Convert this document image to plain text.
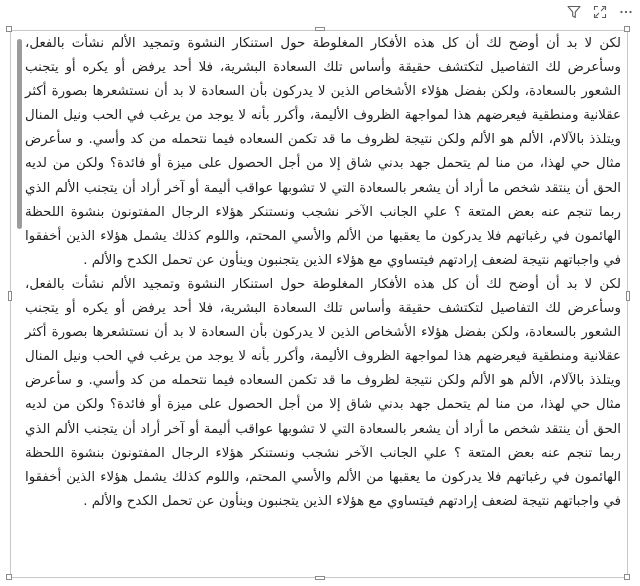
لكن لا بد أن أوضح لك أن كل هذه الأفكار المغلوطة حول استنكار النشوة وتمجيد الألم نشأت بالفعل، وسأعرض لك التفاصيل لتكتشف حقيقة وأساس تلك السعادة البشرية، فلا أحد يرفض أو يكره أو يتجنب الشعور بالسعادة، ولكن بفضل هؤلاء الأشخاص الذين لا يدركون بأن السعادة لا بد أن نستشعرها بصورة أكثر عقلانية ومنطقية فيعرضهم هذا لمواجهة الظروف الأليمة، وأكرر بأنه لا يوجد من يرغب في الحب ونيل المنال ويتلذذ بالآلام، الألم هو الألم ولكن نتيجة لظروف ما قد تكمن السعاده فيما نتحمله من كد وأسي. و سأعرض مثال حي لهذا، من منا لم يتحمل جهد بدني شاق إلا من أجل الحصول على ميزة أو فائدة؟ ولكن من لديه الحق أن ينتقد شخص ما أراد أن يشعر بالسعادة التي لا تشوبها عواقب أليمة أو آخر أراد أن يتجنب الألم الذي ربما تنجم عنه بعض المتعة ؟ علي الجانب الآخر نشجب ونستنكر هؤلاء الرجال المفتونون بنشوة اللحظة الهائمون في رغباتهم فلا يدركون ما يعقبها من الألم والأسي المحتم، واللوم كذلك يشمل هؤلاء الذين أخفقوا في واجباتهم نتيجة لضعف إرادتهم فيتساوي مع هؤلاء الذين يتجنبون وينأون عن تحمل الكدح والألم .

لكن لا بد أن أوضح لك أن كل هذه الأفكار المغلوطة حول استنكار النشوة وتمجيد الألم نشأت بالفعل، وسأعرض لك التفاصيل لتكتشف حقيقة وأساس تلك السعادة البشرية، فلا أحد يرفض أو يكره أو يتجنب الشعور بالسعادة، ولكن بفضل هؤلاء الأشخاص الذين لا يدركون بأن السعادة لا بد أن نستشعرها بصورة أكثر عقلانية ومنطقية فيعرضهم هذا لمواجهة الظروف الأليمة، وأكرر بأنه لا يوجد من يرغب في الحب ونيل المنال ويتلذذ بالآلام، الألم هو الألم ولكن نتيجة لظروف ما قد تكمن السعاده فيما نتحمله من كد وأسي. و سأعرض مثال حي لهذا، من منا لم يتحمل جهد بدني شاق إلا من أجل الحصول على ميزة أو فائدة؟ ولكن من لديه الحق أن ينتقد شخص ما أراد أن يشعر بالسعادة التي لا تشوبها عواقب أليمة أو آخر أراد أن يتجنب الألم الذي ربما تنجم عنه بعض المتعة ؟ علي الجانب الآخر نشجب ونستنكر هؤلاء الرجال المفتونون بنشوة اللحظة الهائمون في رغباتهم فلا يدركون ما يعقبها من الألم والأسي المحتم، واللوم كذلك يشمل هؤلاء الذين أخفقوا في واجباتهم نتيجة لضعف إرادتهم فيتساوي مع هؤلاء الذين يتجنبون وينأون عن تحمل الكدح والألم .
